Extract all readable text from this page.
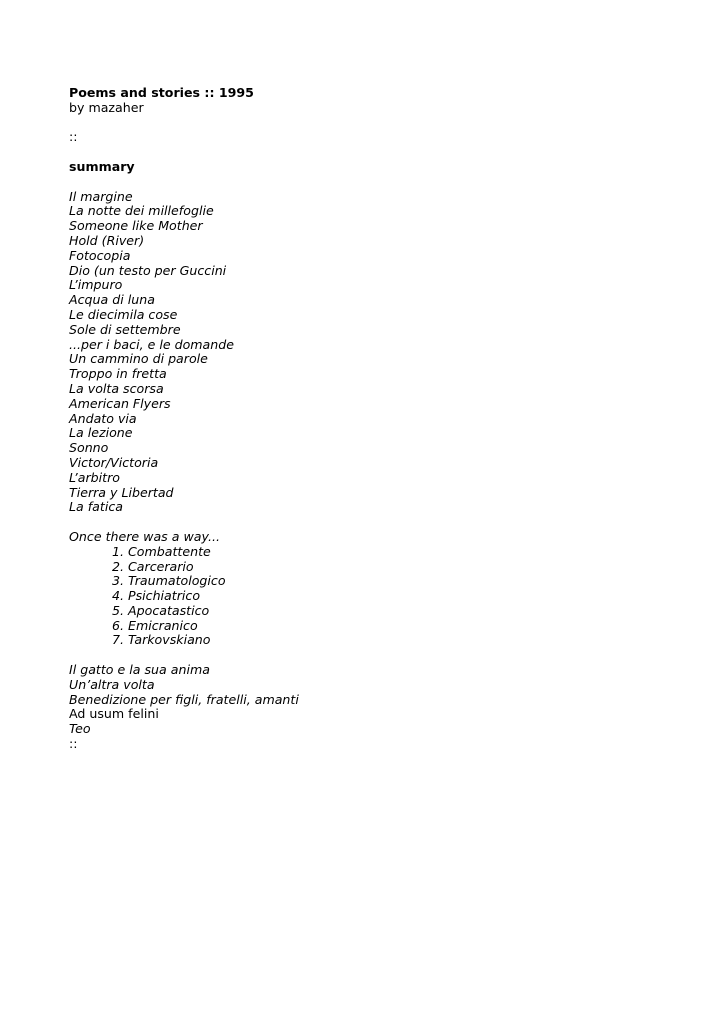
Poems and stories :: 1995
by mazaher
::
summary
Il margine
La notte dei millefoglie
Someone like Mother
Hold (River)
Fotocopia
Dio (un testo per Guccini
L’impuro
Acqua di luna
Le diecimila cose
Sole di settembre
...per i baci, e le domande
Un cammino di parole
Troppo in fretta
La volta scorsa
American Flyers
Andato via
La lezione
Sonno
Victor/Victoria
L’arbitro
Tierra y Libertad
La fatica
Once there was a way...
1. Combattente
2. Carcerario
3. Traumatologico
4. Psichiatrico
5. Apocatastico
6. Emicranico
7. Tarkovskiano
Il gatto e la sua anima
Un’altra volta
Benedizione per figli, fratelli, amanti
Ad usum felini
Teo
::
